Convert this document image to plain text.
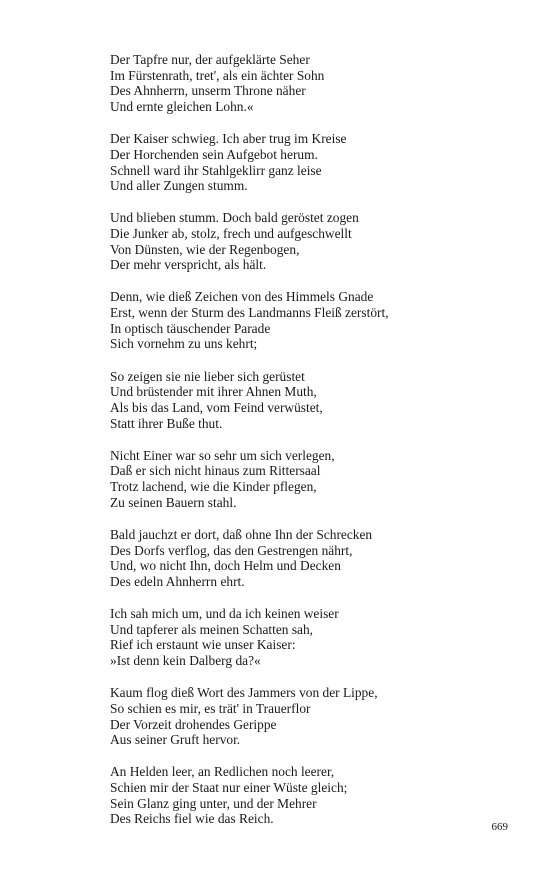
Der Tapfre nur, der aufgeklärte Seher
Im Fürstenrath, tret', als ein ächter Sohn
Des Ahnherrn, unserm Throne näher
Und ernte gleichen Lohn.«
Der Kaiser schwieg. Ich aber trug im Kreise
Der Horchenden sein Aufgebot herum.
Schnell ward ihr Stahlgeklirr ganz leise
Und aller Zungen stumm.
Und blieben stumm. Doch bald geröstet zogen
Die Junker ab, stolz, frech und aufgeschwellt
Von Dünsten, wie der Regenbogen,
Der mehr verspricht, als hält.
Denn, wie dieß Zeichen von des Himmels Gnade
Erst, wenn der Sturm des Landmanns Fleiß zerstört,
In optisch täuschender Parade
Sich vornehm zu uns kehrt;
So zeigen sie nie lieber sich gerüstet
Und brüstender mit ihrer Ahnen Muth,
Als bis das Land, vom Feind verwüstet,
Statt ihrer Buße thut.
Nicht Einer war so sehr um sich verlegen,
Daß er sich nicht hinaus zum Rittersaal
Trotz lachend, wie die Kinder pflegen,
Zu seinen Bauern stahl.
Bald jauchzt er dort, daß ohne Ihn der Schrecken
Des Dorfs verflog, das den Gestrengen nährt,
Und, wo nicht Ihn, doch Helm und Decken
Des edeln Ahnherrn ehrt.
Ich sah mich um, und da ich keinen weiser
Und tapferer als meinen Schatten sah,
Rief ich erstaunt wie unser Kaiser:
»Ist denn kein Dalberg da?«
Kaum flog dieß Wort des Jammers von der Lippe,
So schien es mir, es trät' in Trauerflor
Der Vorzeit drohendes Gerippe
Aus seiner Gruft hervor.
An Helden leer, an Redlichen noch leerer,
Schien mir der Staat nur einer Wüste gleich;
Sein Glanz ging unter, und der Mehrer
Des Reichs fiel wie das Reich.
669
